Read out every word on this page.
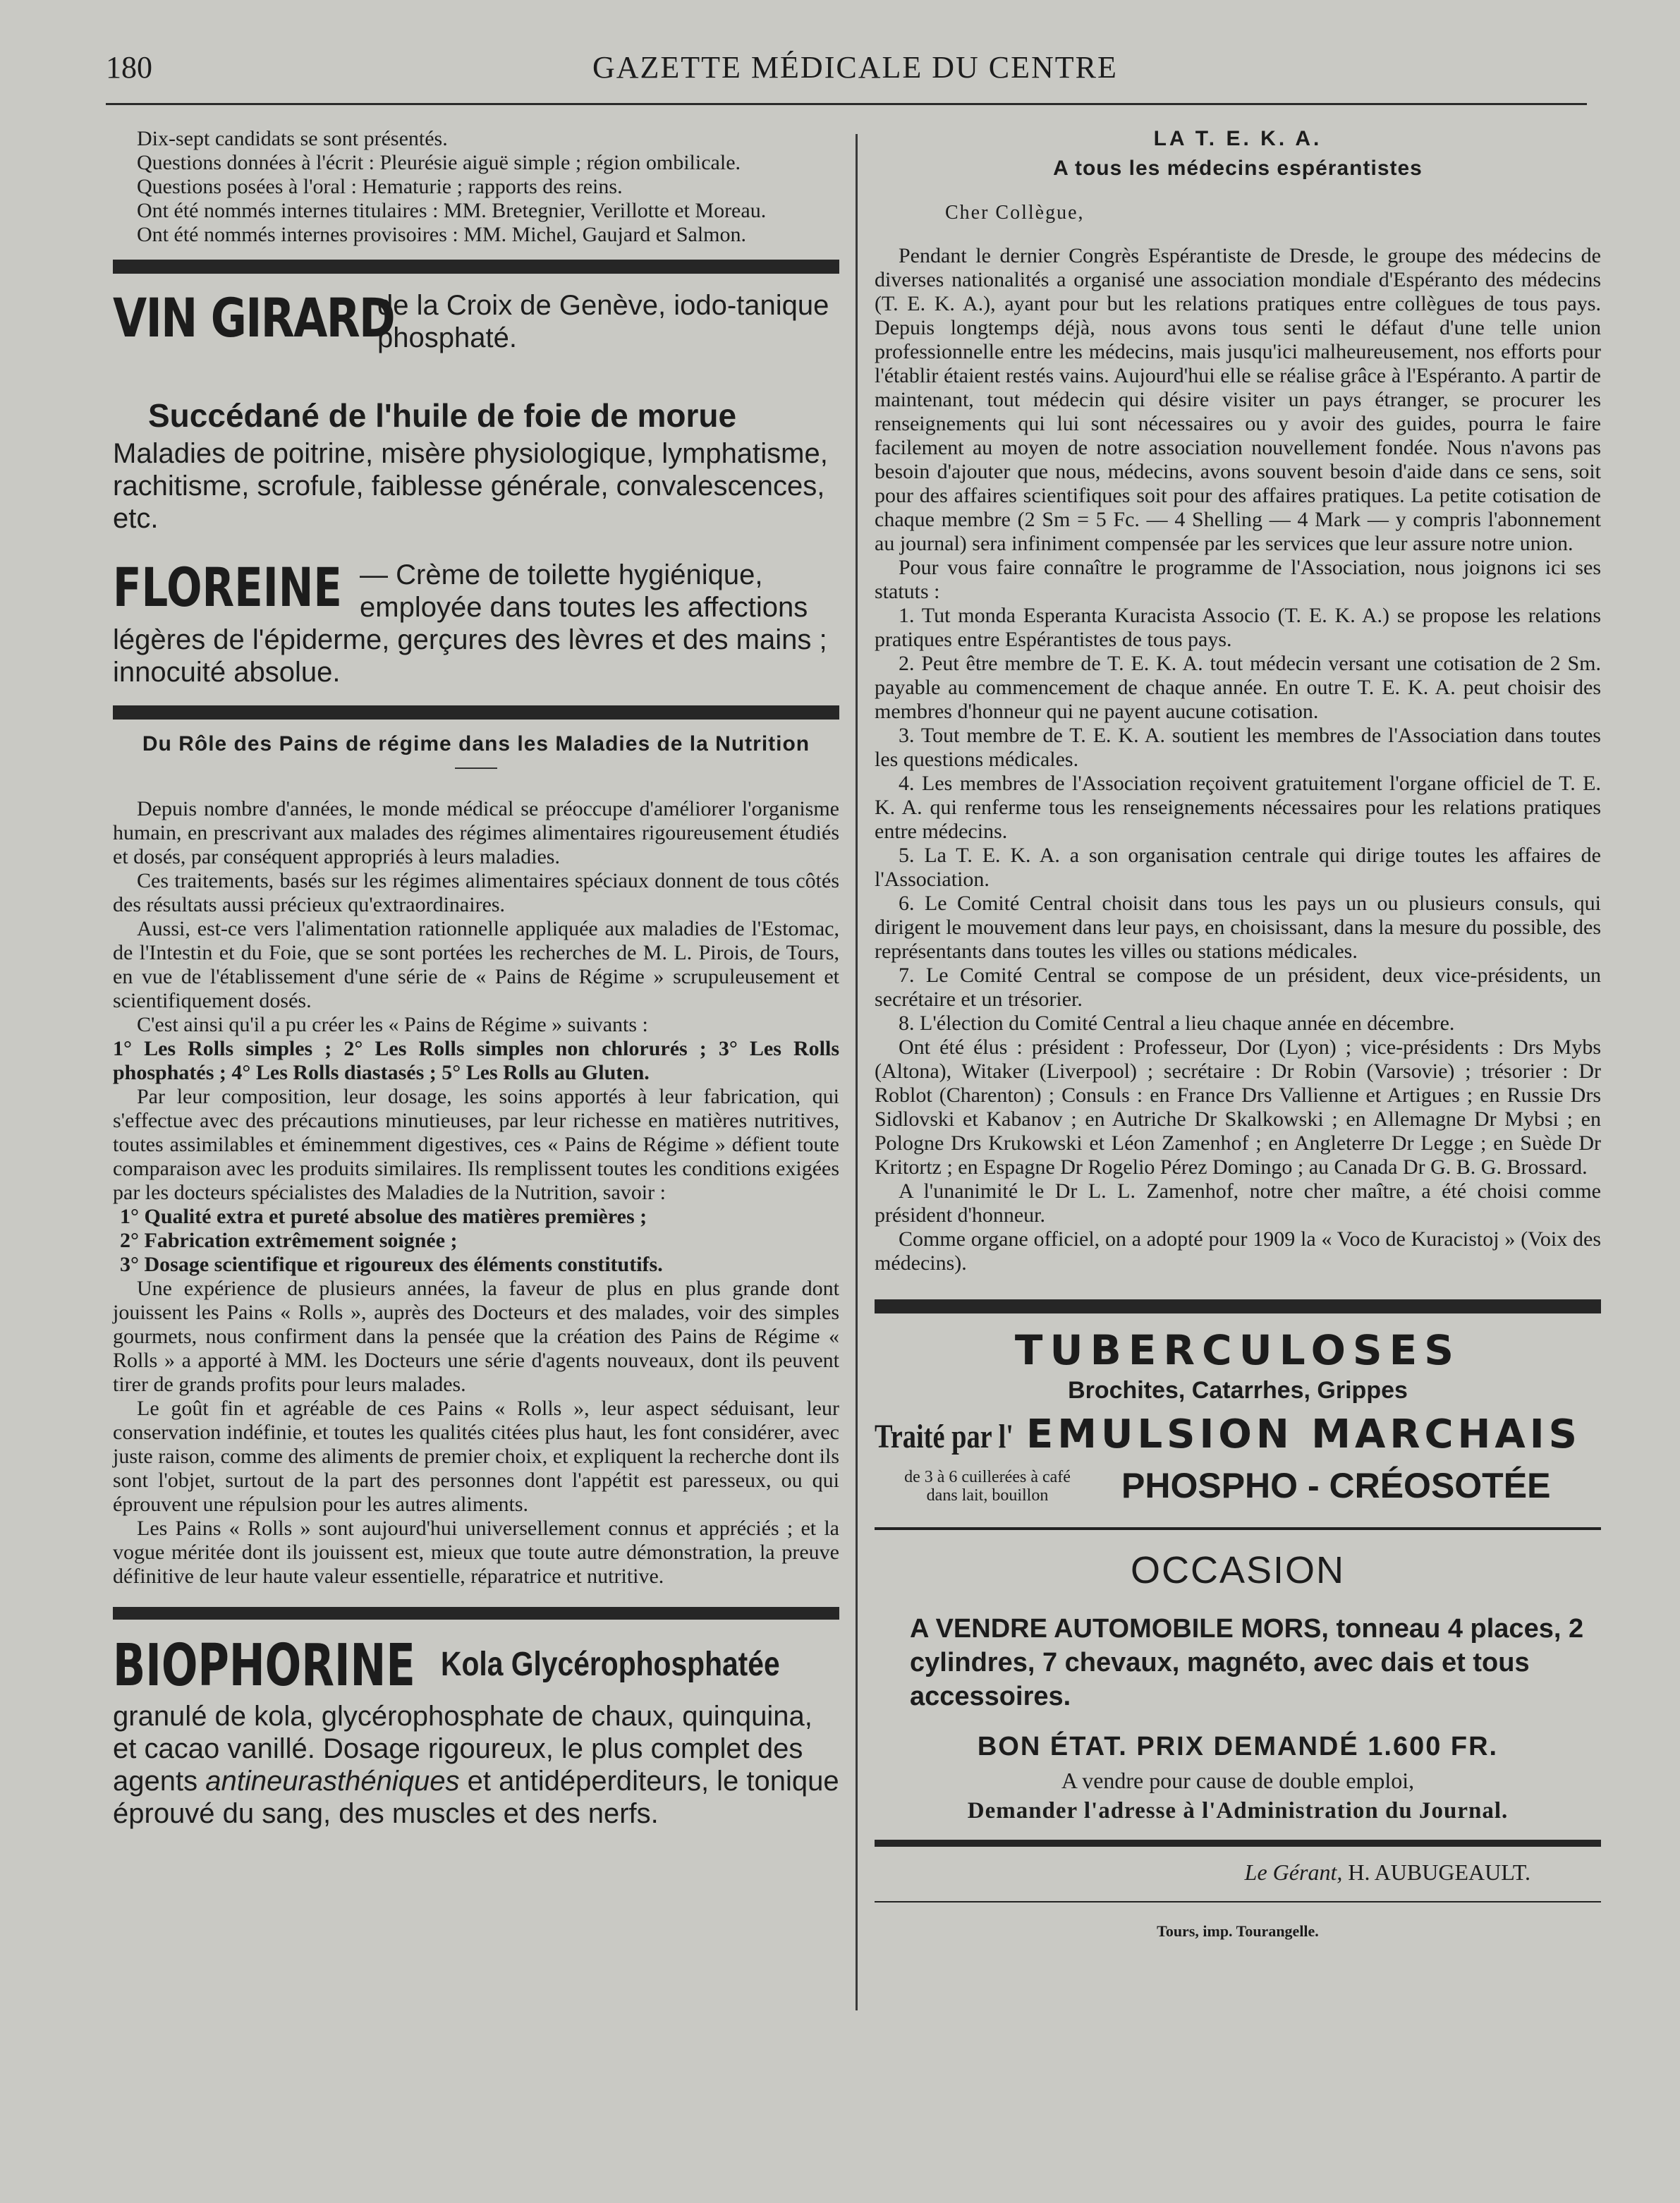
180	GAZETTE MÉDICALE DU CENTRE

Dix-sept candidats se sont présentés.

Questions données à l'écrit : Pleurésie aiguë simple ; région ombilicale.

Questions posées à l'oral : Hematurie ; rapports des reins.

Ont été nommés internes titulaires : MM. Bretegnier, Verillotte et Moreau.

Ont été nommés internes provisoires : MM. Michel, Gaujard et Salmon.

VIN GIRARD
de la Croix de Genève, iodo-tanique phosphaté.
Succédané de l'huile de foie de morue
Maladies de poitrine, misère physiologique, lymphatisme, rachitisme, scrofule, faiblesse générale, convalescences, etc.
FLOREINE — Crème de toilette hygiénique, employée dans toutes les affections
légères de l'épiderme, gerçures des lèvres et des mains ; innocuité absolue.
Du Rôle des Pains de régime dans les Maladies de la Nutrition

Depuis nombre d'années, le monde médical se préoccupe d'améliorer l'organisme humain, en prescrivant aux malades des régimes alimentaires rigoureusement étudiés et dosés, par conséquent appropriés à leurs maladies.

Ces traitements, basés sur les régimes alimentaires spéciaux donnent de tous côtés des résultats aussi précieux qu'extraordinaires.

Aussi, est-ce vers l'alimentation rationnelle appliquée aux maladies de l'Estomac, de l'Intestin et du Foie, que se sont portées les recherches de M. L. Pirois, de Tours, en vue de l'établissement d'une série de « Pains de Régime » scrupuleusement et scientifiquement dosés.

C'est ainsi qu'il a pu créer les « Pains de Régime » suivants :

1° Les Rolls simples ; 2° Les Rolls simples non chlorurés ; 3° Les Rolls phosphatés ; 4° Les Rolls diastasés ; 5° Les Rolls au Gluten.

Par leur composition, leur dosage, les soins apportés à leur fabrication, qui s'effectue avec des précautions minutieuses, par leur richesse en matières nutritives, toutes assimilables et éminemment digestives, ces « Pains de Régime » défient toute comparaison avec les produits similaires. Ils remplissent toutes les conditions exigées par les docteurs spécialistes des Maladies de la Nutrition, savoir :

1° Qualité extra et pureté absolue des matières premières ;
2° Fabrication extrêmement soignée ;
3° Dosage scientifique et rigoureux des éléments constitutifs.

Une expérience de plusieurs années, la faveur de plus en plus grande dont jouissent les Pains « Rolls », auprès des Docteurs et des malades, voir des simples gourmets, nous confirment dans la pensée que la création des Pains de Régime « Rolls » a apporté à MM. les Docteurs une série d'agents nouveaux, dont ils peuvent tirer de grands profits pour leurs malades.

Le goût fin et agréable de ces Pains « Rolls », leur aspect séduisant, leur conservation indéfinie, et toutes les qualités citées plus haut, les font considérer, avec juste raison, comme des aliments de premier choix, et expliquent la recherche dont ils sont l'objet, surtout de la part des personnes dont l'appétit est paresseux, ou qui éprouvent une répulsion pour les autres aliments.

Les Pains « Rolls » sont aujourd'hui universellement connus et appréciés ; et la vogue méritée dont ils jouissent est, mieux que toute autre démonstration, la preuve définitive de leur haute valeur essentielle, réparatrice et nutritive.

BIOPHORINE Kola Glycérophosphatée
granulé de kola, glycérophosphate de chaux, quinquina, et cacao vanillé. Dosage rigoureux, le plus complet des agents antineurasthéniques et antidéperditeurs, le tonique éprouvé du sang, des muscles et des nerfs.
LA T. E. K. A.
A tous les médecins espérantistes
Cher Collègue,

Pendant le dernier Congrès Espérantiste de Dresde, le groupe des médecins de diverses nationalités a organisé une association mondiale d'Espéranto des médecins (T. E. K. A.), ayant pour but les relations pratiques entre collègues de tous pays. Depuis longtemps déjà, nous avons tous senti le défaut d'une telle union professionnelle entre les médecins, mais jusqu'ici malheureusement, nos efforts pour l'établir étaient restés vains. Aujourd'hui elle se réalise grâce à l'Espéranto. A partir de maintenant, tout médecin qui désire visiter un pays étranger, se procurer les renseignements qui lui sont nécessaires ou y avoir des guides, pourra le faire facilement au moyen de notre association nouvellement fondée. Nous n'avons pas besoin d'ajouter que nous, médecins, avons souvent besoin d'aide dans ce sens, soit pour des affaires scientifiques soit pour des affaires pratiques. La petite cotisation de chaque membre (2 Sm = 5 Fc. — 4 Shelling — 4 Mark — y compris l'abonnement au journal) sera infiniment compensée par les services que leur assure notre union.

Pour vous faire connaître le programme de l'Association, nous joignons ici ses statuts :

1. Tut monda Esperanta Kuracista Associo (T. E. K. A.) se propose les relations pratiques entre Espérantistes de tous pays.

2. Peut être membre de T. E. K. A. tout médecin versant une cotisation de 2 Sm. payable au commencement de chaque année. En outre T. E. K. A. peut choisir des membres d'honneur qui ne payent aucune cotisation.

3. Tout membre de T. E. K. A. soutient les membres de l'Association dans toutes les questions médicales.

4. Les membres de l'Association reçoivent gratuitement l'organe officiel de T. E. K. A. qui renferme tous les renseignements nécessaires pour les relations pratiques entre médecins.

5. La T. E. K. A. a son organisation centrale qui dirige toutes les affaires de l'Association.

6. Le Comité Central choisit dans tous les pays un ou plusieurs consuls, qui dirigent le mouvement dans leur pays, en choisissant, dans la mesure du possible, des représentants dans toutes les villes ou stations médicales.

7. Le Comité Central se compose de un président, deux vice-présidents, un secrétaire et un trésorier.

8. L'élection du Comité Central a lieu chaque année en décembre.

Ont été élus : président : Professeur, Dor (Lyon) ; vice-présidents : Drs Mybs (Altona), Witaker (Liverpool) ; secrétaire : Dr Robin (Varsovie) ; trésorier : Dr Roblot (Charenton) ; Consuls : en France Drs Vallienne et Artigues ; en Russie Drs Sidlovski et Kabanov ; en Autriche Dr Skalkowski ; en Allemagne Dr Mybsi ; en Pologne Drs Krukowski et Léon Zamenhof ; en Angleterre Dr Legge ; en Suède Dr Kritortz ; en Espagne Dr Rogelio Pérez Domingo ; au Canada Dr G. B. G. Brossard.

A l'unanimité le Dr L. L. Zamenhof, notre cher maître, a été choisi comme président d'honneur.

Comme organe officiel, on a adopté pour 1909 la « Voco de Kuracistoj » (Voix des médecins).

TUBERCULOSES
Brochites, Catarrhes, Grippes
Traité par l' EMULSION MARCHAIS
de 3 à 6 cuillerées à café
dans lait, bouillon	PHOSPHO - CRÉOSOTÉE
OCCASION
A VENDRE AUTOMOBILE MORS, tonneau 4 places, 2 cylindres, 7 chevaux, magnéto, avec dais et tous accessoires.
BON ÉTAT. PRIX DEMANDÉ 1.600 FR.
A vendre pour cause de double emploi,
Demander l'adresse à l'Administration du Journal.
Le Gérant, H. AUBUGEAULT.
Tours, imp. Tourangelle.
